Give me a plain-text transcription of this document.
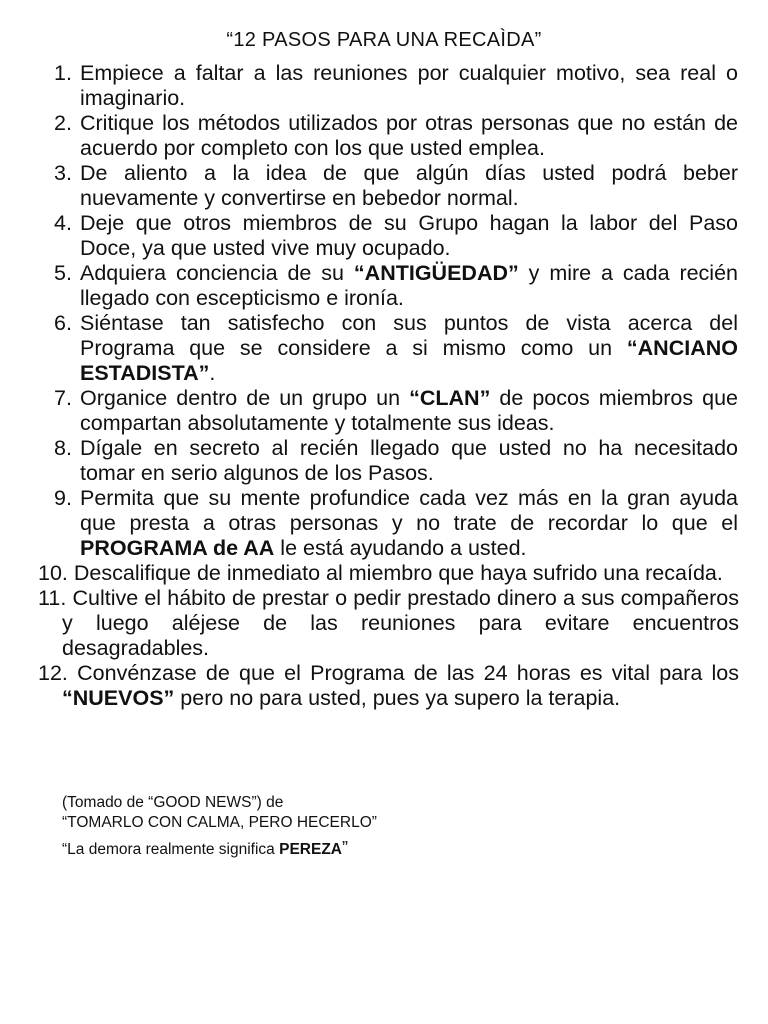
“12 PASOS PARA UNA RECAÌDA”
1. Empiece a faltar a las reuniones por cualquier motivo, sea real o imaginario.
2. Critique los métodos utilizados por otras personas que no están de acuerdo por completo con los que usted emplea.
3. De aliento a la idea de que algún días usted podrá beber nuevamente y convertirse en bebedor normal.
4. Deje que otros miembros de su Grupo hagan la labor del Paso Doce, ya que usted vive muy ocupado.
5. Adquiera conciencia de su “ANTIGÜEDAD” y mire a cada recién llegado con escepticismo e ironía.
6. Siéntase tan satisfecho con sus puntos de vista acerca del Programa que se considere a si mismo como un “ANCIANO ESTADISTA”.
7. Organice dentro de un grupo un “CLAN” de pocos miembros que compartan absolutamente y totalmente sus ideas.
8. Dígale en secreto al recién llegado que usted no ha necesitado tomar en serio algunos de los Pasos.
9. Permita que su mente profundice cada vez más en la gran ayuda que presta a otras personas y no trate de recordar lo que el PROGRAMA de AA le está ayudando a usted.
10. Descalifique de inmediato al miembro que haya sufrido una recaída.
11. Cultive el hábito de prestar o pedir prestado dinero a sus compañeros y luego aléjese de las reuniones para evitare encuentros desagradables.
12. Convénzase de que el Programa de las 24 horas es vital para los “NUEVOS” pero no para usted, pues ya supero la terapia.
(Tomado de “GOOD NEWS”) de
“TOMARLO CON CALMA, PERO HECERLO”
“La demora realmente significa PEREZA”
